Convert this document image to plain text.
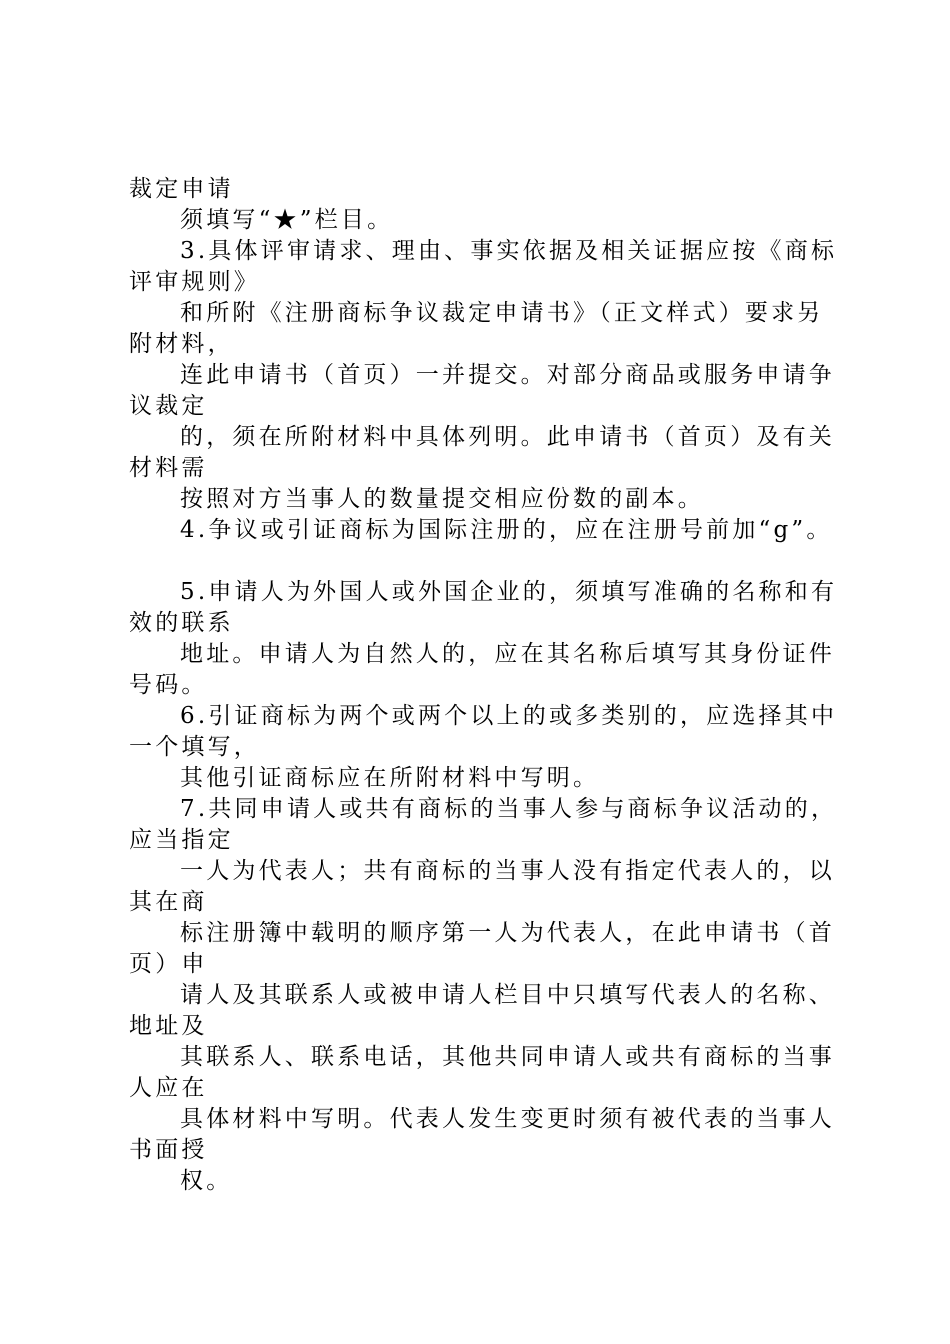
裁定申请
须填写“★”栏目。
3.具体评审请求、理由、事实依据及相关证据应按《商标
评审规则》
和所附《注册商标争议裁定申请书》（正文样式）要求另
附材料，
连此申请书（首页）一并提交。对部分商品或服务申请争
议裁定
的，须在所附材料中具体列明。此申请书（首页）及有关
材料需
按照对方当事人的数量提交相应份数的副本。
4.争议或引证商标为国际注册的，应在注册号前加“g”。
5.申请人为外国人或外国企业的，须填写准确的名称和有
效的联系
地址。申请人为自然人的，应在其名称后填写其身份证件
号码。
6.引证商标为两个或两个以上的或多类别的，应选择其中
一个填写，
其他引证商标应在所附材料中写明。
7.共同申请人或共有商标的当事人参与商标争议活动的，
应当指定
一人为代表人；共有商标的当事人没有指定代表人的，以
其在商
标注册簿中载明的顺序第一人为代表人，在此申请书（首
页）申
请人及其联系人或被申请人栏目中只填写代表人的名称、
地址及
其联系人、联系电话，其他共同申请人或共有商标的当事
人应在
具体材料中写明。代表人发生变更时须有被代表的当事人
书面授
权。
